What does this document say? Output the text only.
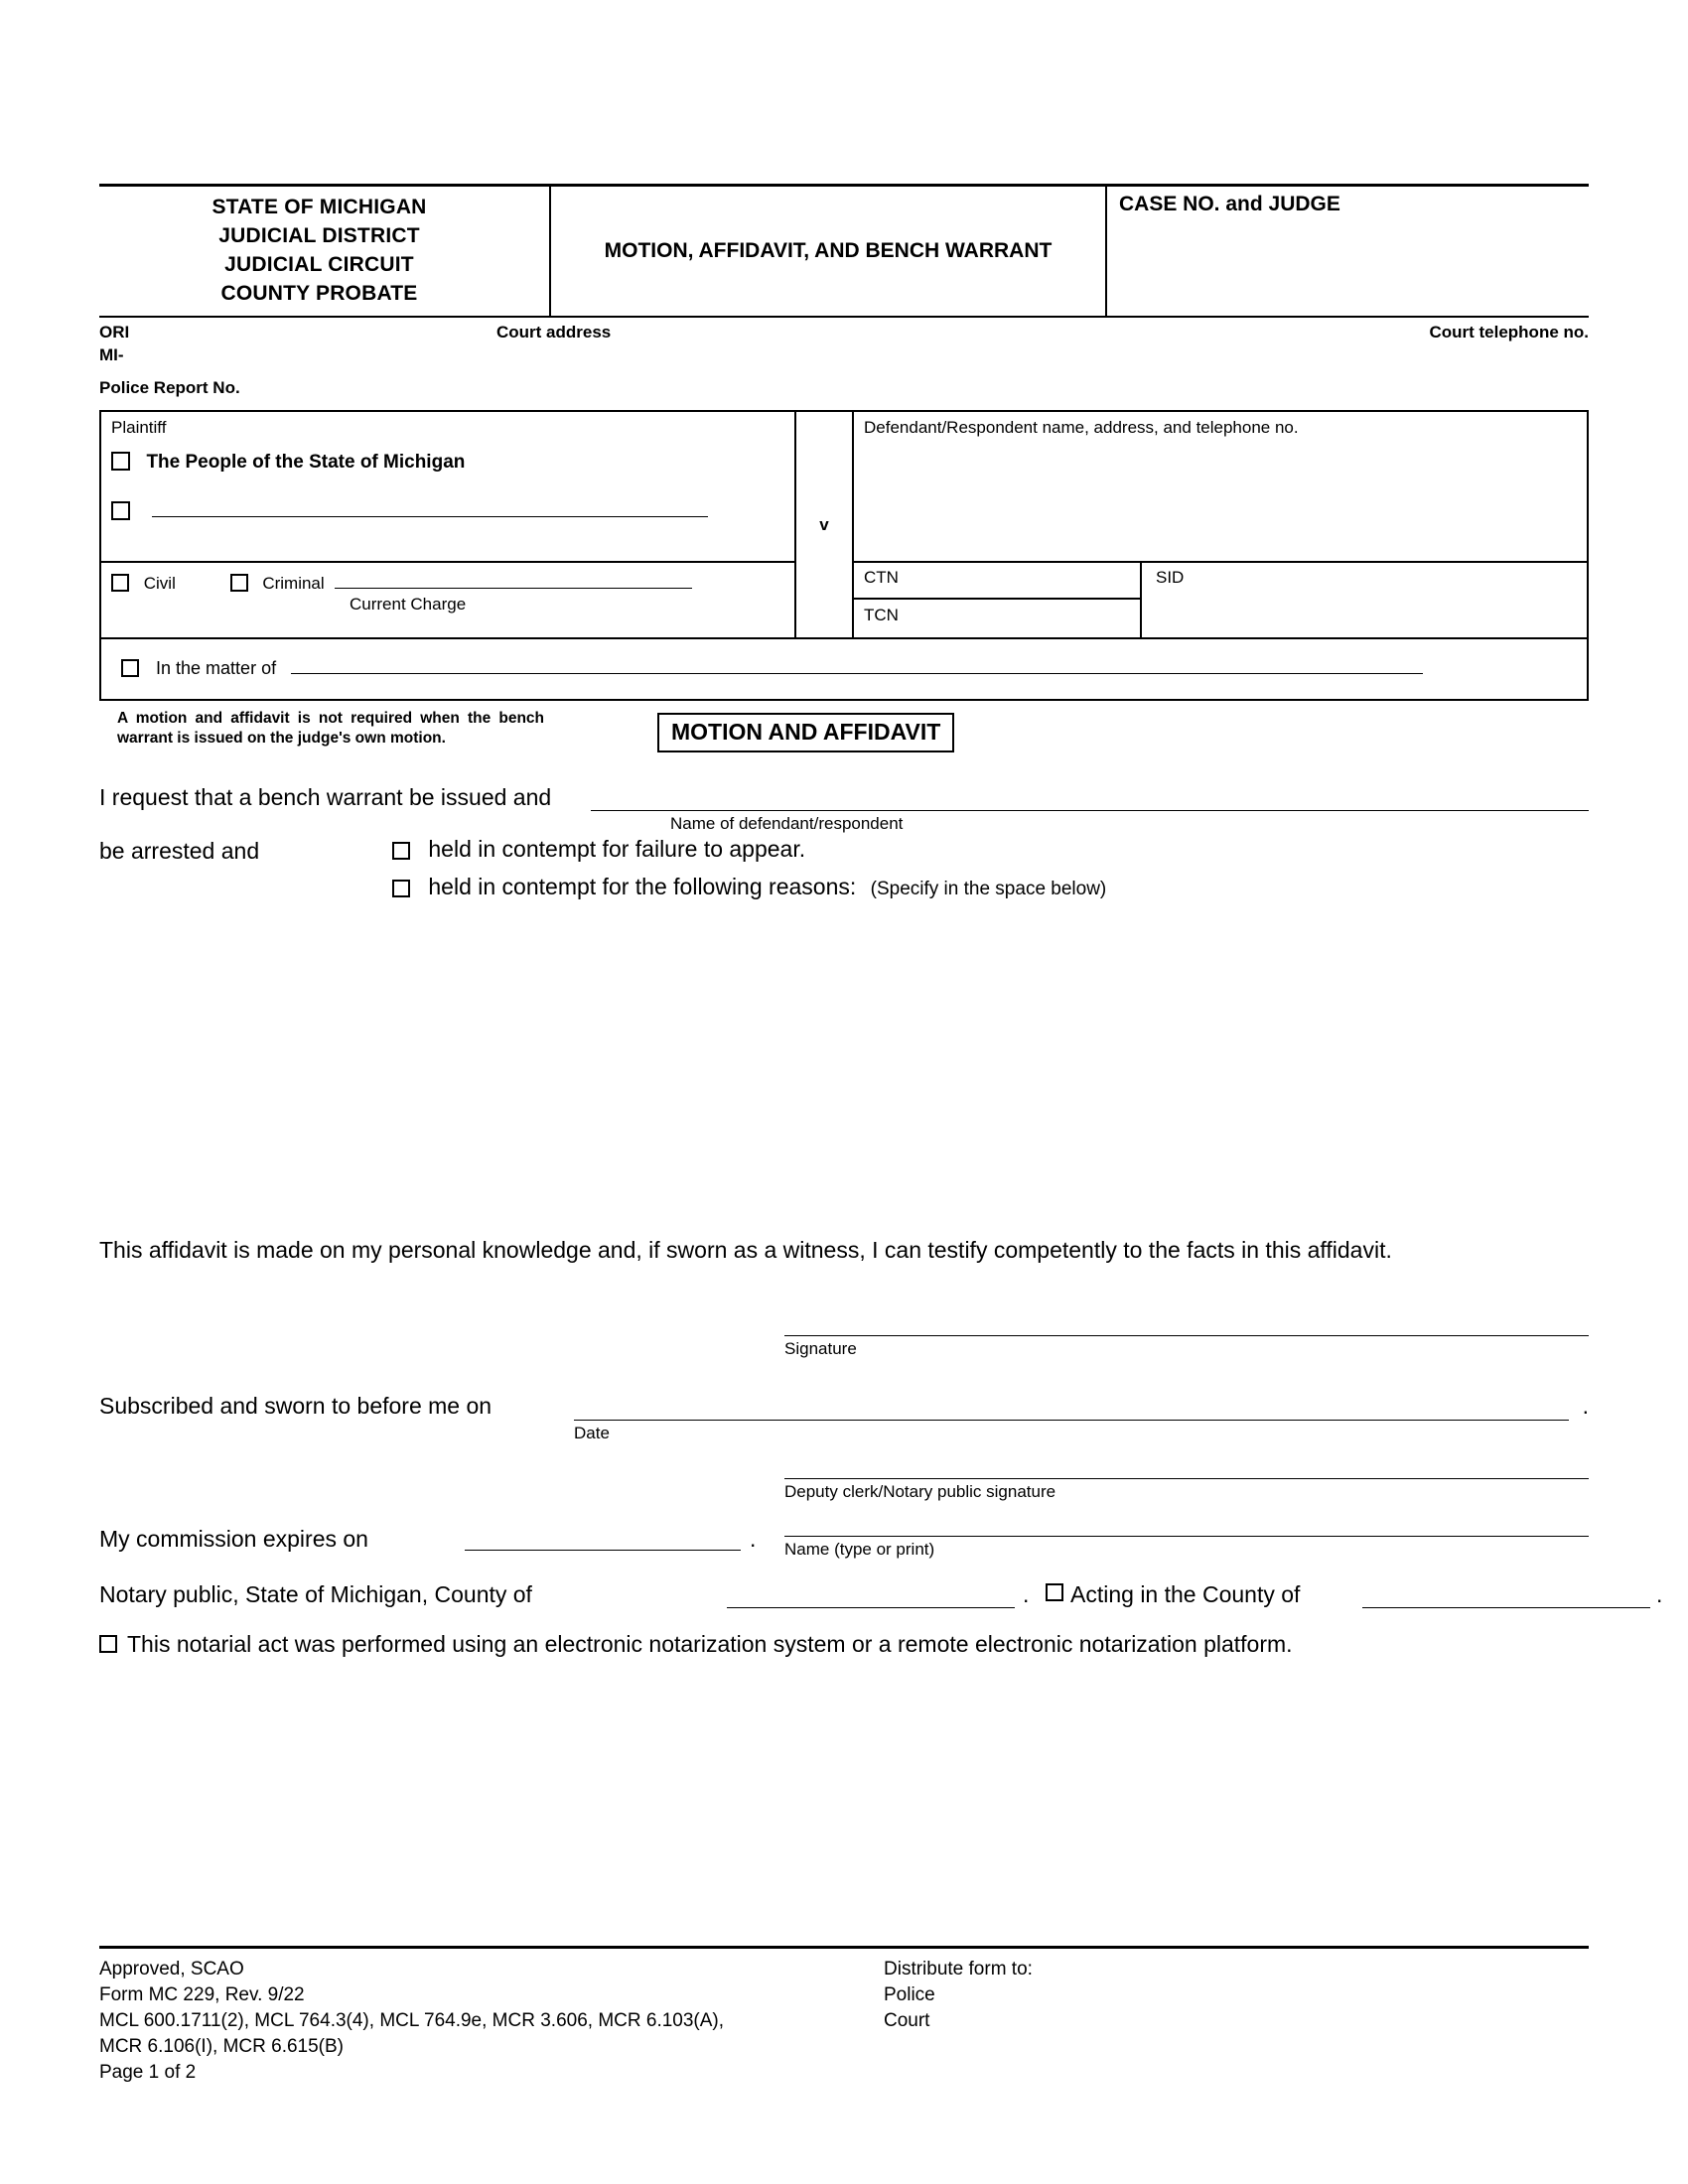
STATE OF MICHIGAN
JUDICIAL DISTRICT
JUDICIAL CIRCUIT
COUNTY PROBATE
MOTION, AFFIDAVIT, AND BENCH WARRANT
CASE NO. and JUDGE
ORI	Court address	Court telephone no.
MI-
Police Report No.
Plaintiff
The People of the State of Michigan

Civil	Criminal
Current Charge
v
Defendant/Respondent name, address, and telephone no.
CTN
TCN
SID
In the matter of
A motion and affidavit is not required when the bench warrant is issued on the judge's own motion.	MOTION AND AFFIDAVIT
I request that a bench warrant be issued and
Name of defendant/respondent
be arrested and	held in contempt for failure to appear.
held in contempt for the following reasons: (Specify in the space below)
This affidavit is made on my personal knowledge and, if sworn as a witness, I can testify competently to the facts in this affidavit.
Signature
Subscribed and sworn to before me on	.
Date
Deputy clerk/Notary public signature
My commission expires on	. Name (type or print)
Notary public, State of Michigan, County of	. Acting in the County of	.
This notarial act was performed using an electronic notarization system or a remote electronic notarization platform.
Approved, SCAO
Form MC 229, Rev. 9/22
MCL 600.1711(2), MCL 764.3(4), MCL 764.9e, MCR 3.606, MCR 6.103(A),
MCR 6.106(I), MCR 6.615(B)
Page 1 of 2
Distribute form to:
Police
Court
